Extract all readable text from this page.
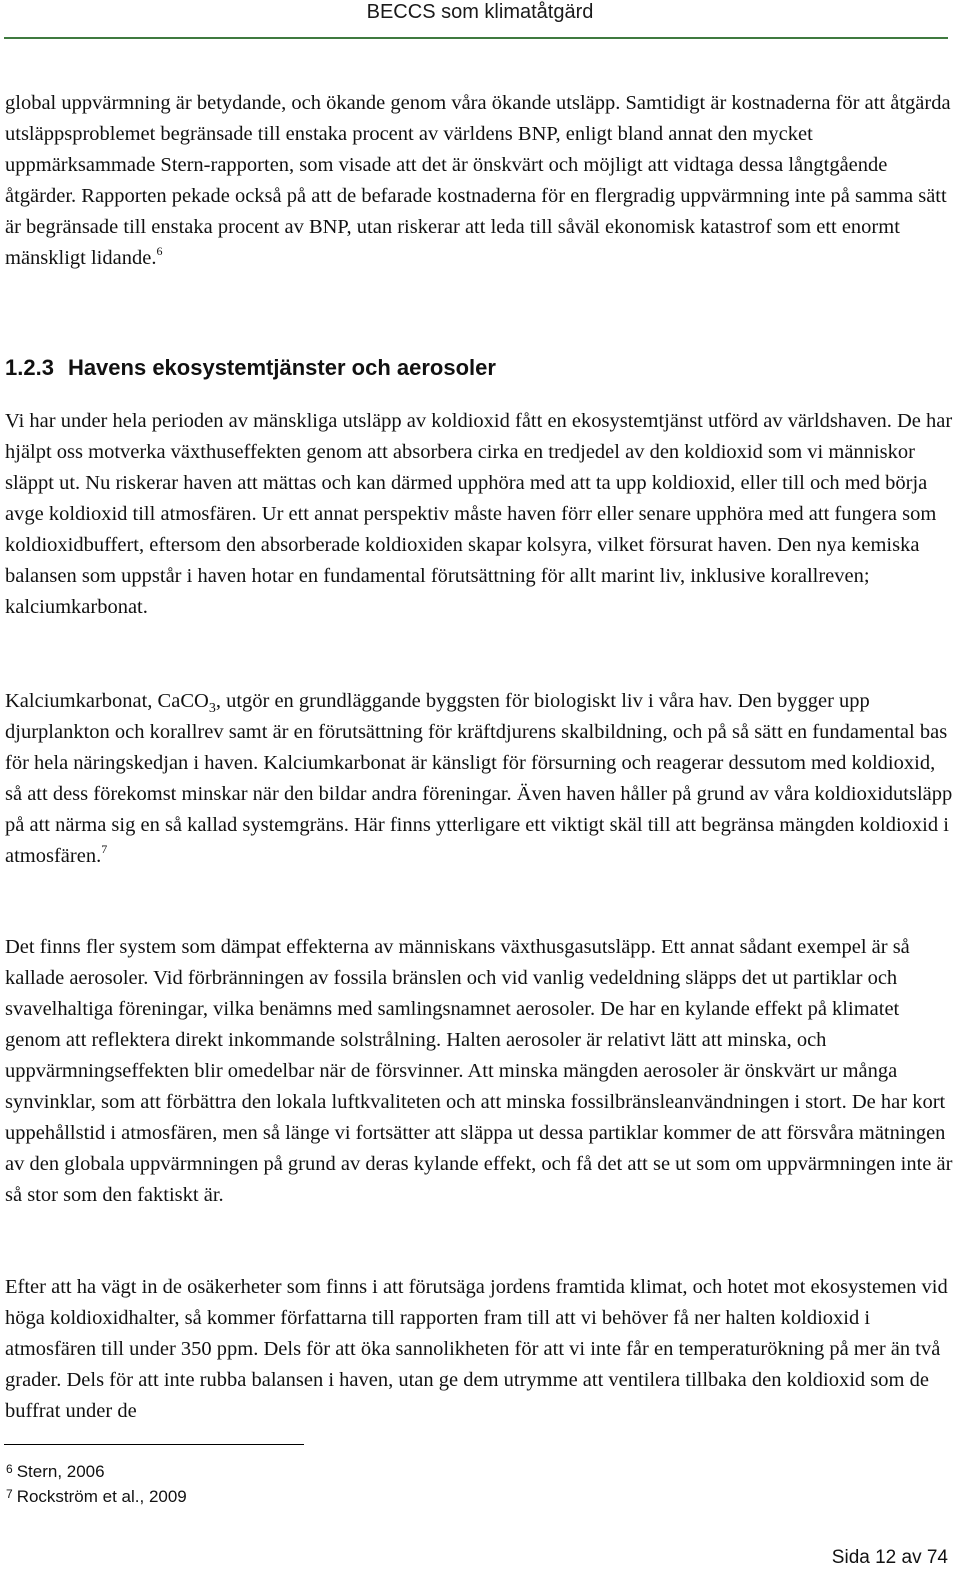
BECCS som klimatåtgärd

global uppvärmning är betydande, och ökande genom våra ökande utsläpp. Samtidigt är kostnaderna för att åtgärda utsläppsproblemet begränsade till enstaka procent av världens BNP, enligt bland annat den mycket uppmärksammade Stern-rapporten, som visade att det är önskvärt och möjligt att vidtaga dessa långtgående åtgärder. Rapporten pekade också på att de befarade kostnaderna för en flergradig uppvärmning inte på samma sätt är begränsade till enstaka procent av BNP, utan riskerar att leda till såväl ekonomisk katastrof som ett enormt mänskligt lidande.$^6$

1.2.3 Havens ekosystemtjänster och aerosoler

Vi har under hela perioden av mänskliga utsläpp av koldioxid fått en ekosystemtjänst utförd av världshaven. De har hjälpt oss motverka växthuseffekten genom att absorbera cirka en tredjedel av den koldioxid som vi människor släppt ut. Nu riskerar haven att mättas och kan därmed upphöra med att ta upp koldioxid, eller till och med börja avge koldioxid till atmosfären. Ur ett annat perspektiv måste haven förr eller senare upphöra med att fungera som koldioxidbuffert, eftersom den absorberade koldioxiden skapar kolsyra, vilket försurat haven. Den nya kemiska balansen som uppstår i haven hotar en fundamental förutsättning för allt marint liv, inklusive korallreven; kalciumkarbonat.

Kalciumkarbonat, CaCO$_3$, utgör en grundläggande byggsten för biologiskt liv i våra hav. Den bygger upp djurplankton och korallrev samt är en förutsättning för kräftdjurens skalbildning, och på så sätt en fundamental bas för hela näringskedjan i haven. Kalciumkarbonat är känsligt för försurning och reagerar dessutom med koldioxid, så att dess förekomst minskar när den bildar andra föreningar. Även haven håller på grund av våra koldioxidutsläpp på att närma sig en så kallad systemgräns. Här finns ytterligare ett viktigt skäl till att begränsa mängden koldioxid i atmosfären.$^7$

Det finns fler system som dämpat effekterna av människans växthusgasutsläpp. Ett annat sådant exempel är så kallade aerosoler. Vid förbränningen av fossila bränslen och vid vanlig vedeldning släpps det ut partiklar och svavelhaltiga föreningar, vilka benämns med samlingsnamnet aerosoler. De har en kylande effekt på klimatet genom att reflektera direkt inkommande solstrålning. Halten aerosoler är relativt lätt att minska, och uppvärmningseffekten blir omedelbar när de försvinner. Att minska mängden aerosoler är önskvärt ur många synvinklar, som att förbättra den lokala luftkvaliteten och att minska fossilbränsleanvändningen i stort. De har kort uppehållstid i atmosfären, men så länge vi fortsätter att släppa ut dessa partiklar kommer de att försvåra mätningen av den globala uppvärmningen på grund av deras kylande effekt, och få det att se ut som om uppvärmningen inte är så stor som den faktiskt är.

Efter att ha vägt in de osäkerheter som finns i att förutsäga jordens framtida klimat, och hotet mot ekosystemen vid höga koldioxidhalter, så kommer författarna till rapporten fram till att vi behöver få ner halten koldioxid i atmosfären till under 350 ppm. Dels för att öka sannolikheten för att vi inte får en temperaturökning på mer än två grader. Dels för att inte rubba balansen i haven, utan ge dem utrymme att ventilera tillbaka den koldioxid som de buffrat under de

$^6$ Stern, 2006
$^7$ Rockström et al., 2009
Sida 12 av 74
